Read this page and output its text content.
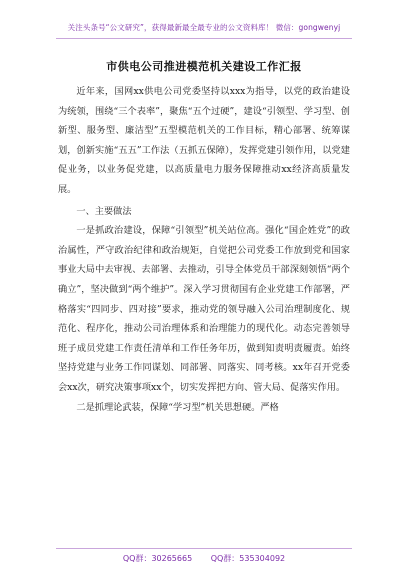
关注头条号“公文研究”，获得最新最全最专业的公文资料库！ 微信：gongwenyj
市供电公司推进模范机关建设工作汇报

近年来，国网xx供电公司党委坚持以xxx为指导，以党的政治建设为统领，围绕“三个表率”，聚焦“五个过硬”，建设“引领型、学习型、创新型、服务型、廉洁型”五型模范机关的工作目标，精心部署、统筹谋划，创新实施“五五”工作法（五抓五保障），发挥党建引领作用，以党建促业务，以业务促党建，以高质量电力服务保障推动xx经济高质量发展。

一、主要做法

一是抓政治建设，保障“引领型”机关站位高。强化“国企姓党”的政治属性，严守政治纪律和政治规矩，自觉把公司党委工作放到党和国家事业大局中去审视、去部署、去推动，引导全体党员干部深刻领悟“两个确立”，坚决做到“两个维护”。深入学习贯彻国有企业党建工作部署，严格落实“四同步、四对接”要求，推动党的领导融入公司治理制度化、规范化、程序化，推动公司治理体系和治理能力的现代化。动态完善领导班子成员党建工作责任清单和工作任务年历，做到知责明责履责。始终坚持党建与业务工作同谋划、同部署、同落实、同考核。xx年召开党委会xx次，研究决策事项xx个，切实发挥把方向、管大局、促落实作用。

二是抓理论武装，保障“学习型”机关思想硬。严格

QQ群：30265665 QQ群：535304092
